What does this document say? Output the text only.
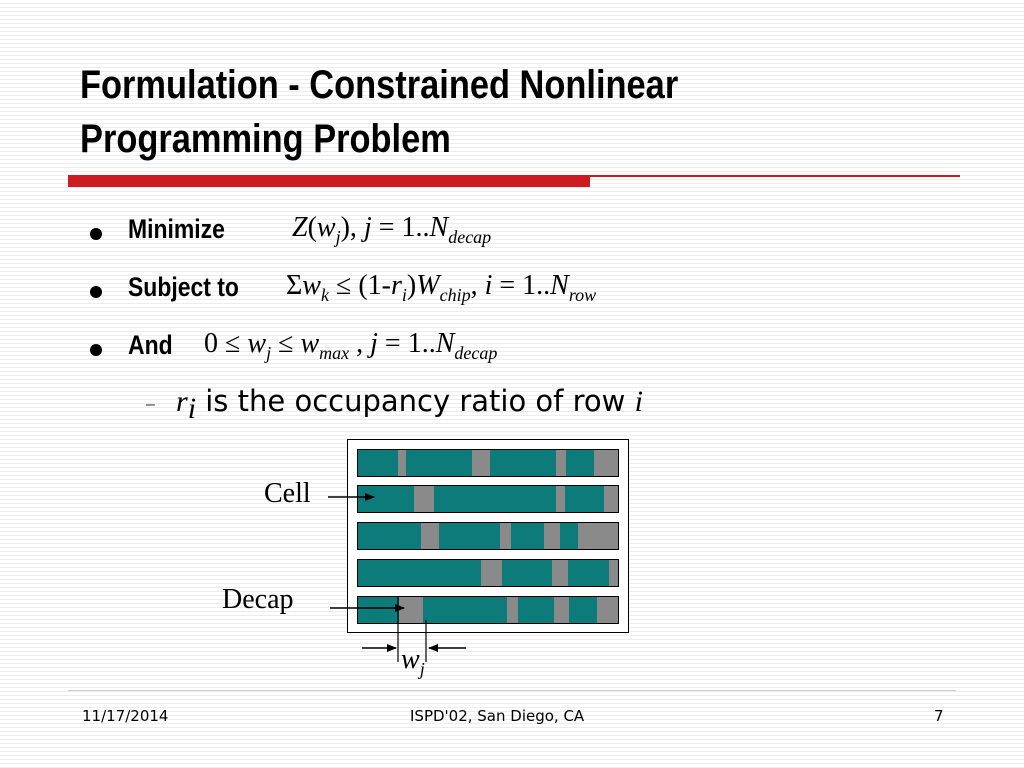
Formulation - Constrained Nonlinear
Programming Problem
Minimize $Z(w_j)$, $j = 1..N_{decap}$
Subject to $\Sigma w_k \le (1-r_i)W_{chip}$, $i = 1..N_{row}$
And $0 \le w_j \le w_{max}$ , $j = 1..N_{decap}$
– $r_i$ is the occupancy ratio of row i
Cell
Decap
$w_j$
11/17/2014	ISPD'02, San Diego, CA	7
